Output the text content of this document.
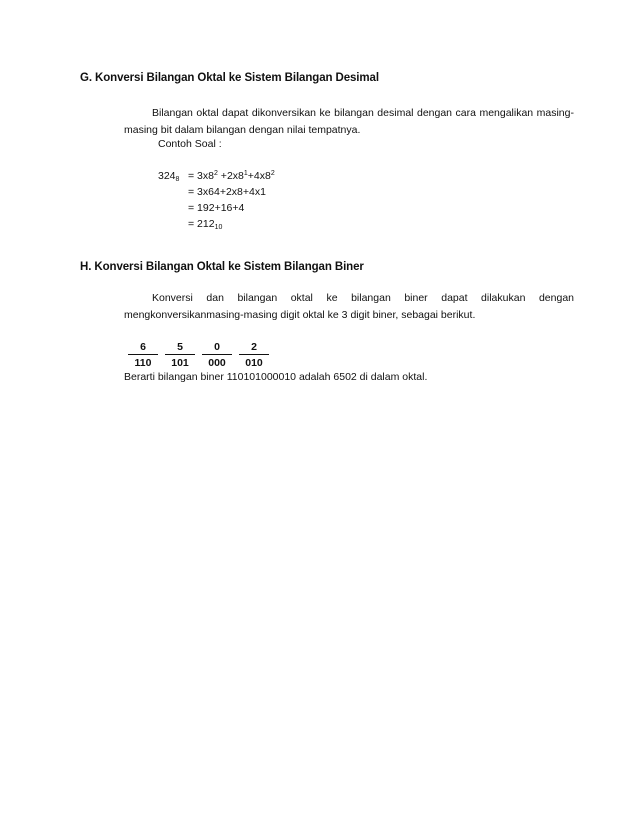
G. Konversi Bilangan Oktal ke Sistem Bilangan Desimal
Bilangan oktal dapat dikonversikan ke bilangan desimal dengan cara mengalikan masing-masing bit dalam bilangan dengan nilai tempatnya.
Contoh Soal :
$324_8 = 3x8^2 +2x8^1+4x8^2$
= 3x64+2x8+4x1
= 192+16+4
= $212_{10}$
H. Konversi Bilangan Oktal ke Sistem Bilangan Biner
Konversi dan bilangan oktal ke bilangan biner dapat dilakukan dengan mengkonversikanmasing-masing digit oktal ke 3 digit biner, sebagai berikut.
6
110
5
101
0
000
2
010
Berarti bilangan biner 110101000010 adalah 6502 di dalam oktal.
